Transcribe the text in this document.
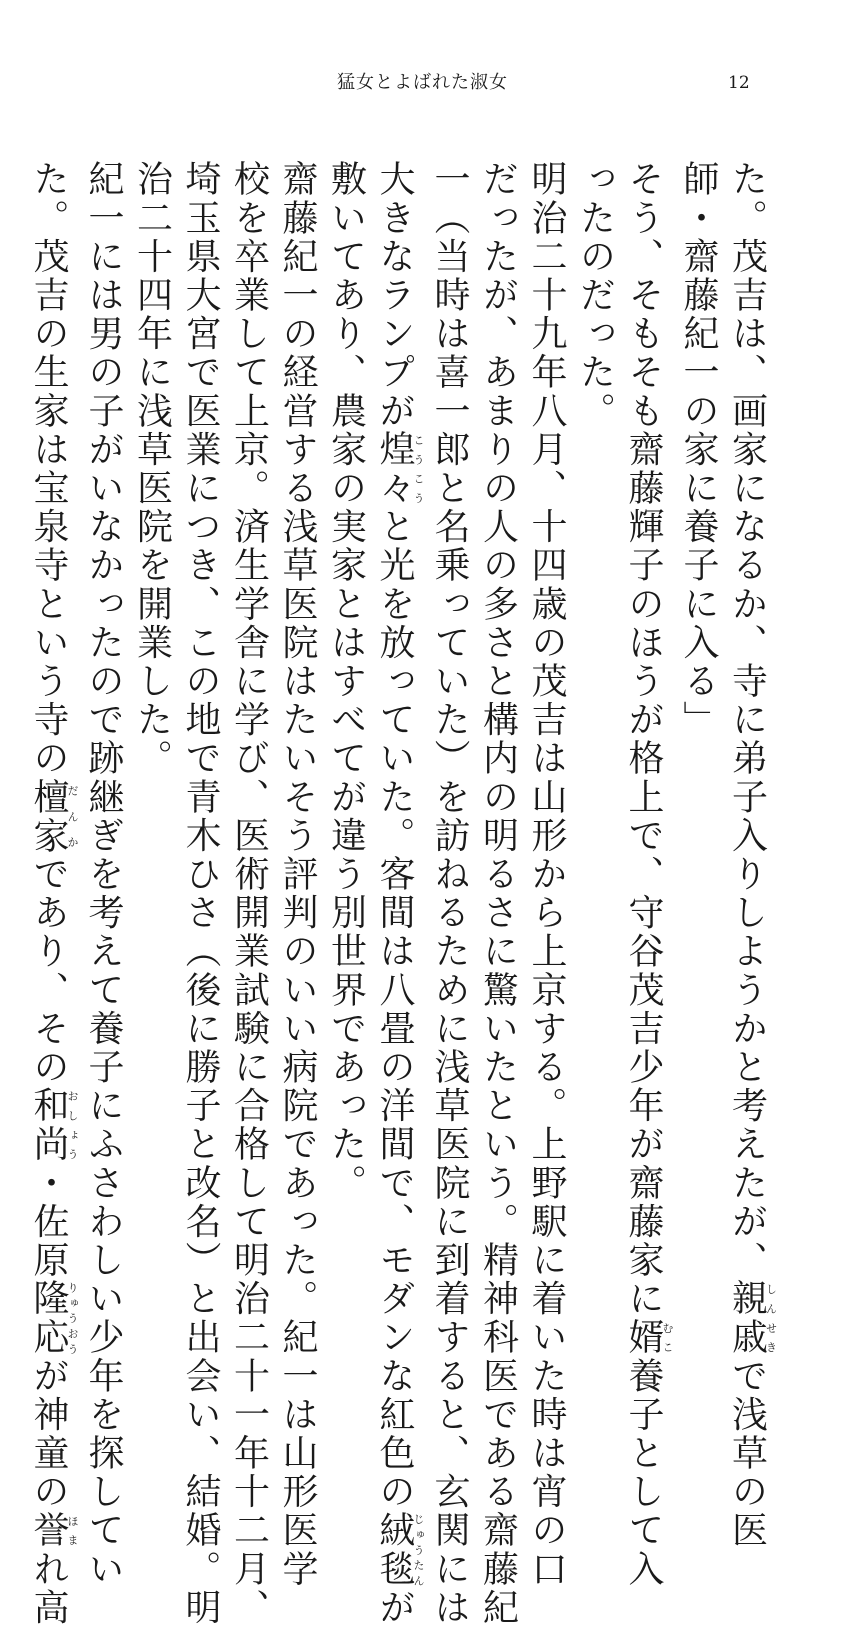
猛女とよばれた淑女	12
た。茂吉は、画家になるか、寺に弟子入りしようかと考えたが、親戚しんせきで浅草の医
師・齋藤紀一の家に養子に入る」
そう、そもそも齋藤輝子のほうが格上で、守谷茂吉少年が齋藤家に婿むこ養子として入
ったのだった。
明治二十九年八月、十四歳の茂吉は山形から上京する。上野駅に着いた時は宵の口
だったが、あまりの人の多さと構内の明るさに驚いたという。精神科医である齋藤紀
一（当時は喜一郎と名乗っていた）を訪ねるために浅草医院に到着すると、玄関には
大きなランプが煌々こうこうと光を放っていた。客間は八畳の洋間で、モダンな紅色の絨毯じゅうたんが
敷いてあり、農家の実家とはすべてが違う別世界であった。
齋藤紀一の経営する浅草医院はたいそう評判のいい病院であった。紀一は山形医学
校を卒業して上京。済生学舎に学び、医術開業試験に合格して明治二十一年十二月、
埼玉県大宮で医業につき、この地で青木ひさ（後に勝子と改名）と出会い、結婚。明
治二十四年に浅草医院を開業した。
紀一には男の子がいなかったので跡継ぎを考えて養子にふさわしい少年を探してい
た。茂吉の生家は宝泉寺という寺の檀家だんかであり、その和尚おしょう・佐原隆応りゅうおうが神童の誉ほまれ高
